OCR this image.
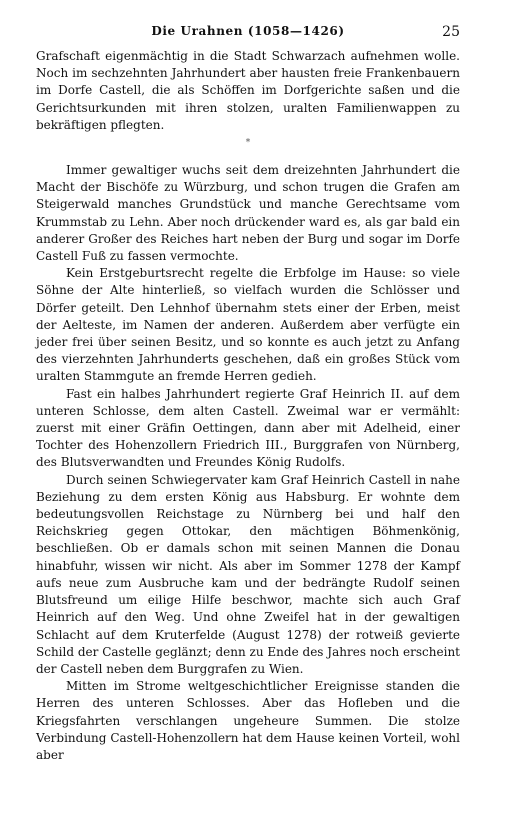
Die Urahnen (1058—1426)	25

Grafschaft eigenmächtig in die Stadt Schwarzach aufnehmen wolle. Noch im sechzehnten Jahrhundert aber hausten freie Frankenbauern im Dorfe Castell, die als Schöffen im Dorfgerichte saßen und die Gerichtsurkunden mit ihren stolzen, uralten Familienwappen zu bekräftigen pflegten.

*

Immer gewaltiger wuchs seit dem dreizehnten Jahrhundert die Macht der Bischöfe zu Würzburg, und schon trugen die Grafen am Steigerwald manches Grundstück und manche Gerechtsame vom Krummstab zu Lehn. Aber noch drückender ward es, als gar bald ein anderer Großer des Reiches hart neben der Burg und sogar im Dorfe Castell Fuß zu fassen vermochte.

Kein Erstgeburtsrecht regelte die Erbfolge im Hause: so viele Söhne der Alte hinterließ, so vielfach wurden die Schlösser und Dörfer geteilt. Den Lehnhof übernahm stets einer der Erben, meist der Aelteste, im Namen der anderen. Außerdem aber verfügte ein jeder frei über seinen Besitz, und so konnte es auch jetzt zu Anfang des vierzehnten Jahrhunderts geschehen, daß ein großes Stück vom uralten Stammgute an fremde Herren gedieh.

Fast ein halbes Jahrhundert regierte Graf Heinrich II. auf dem unteren Schlosse, dem alten Castell. Zweimal war er vermählt: zuerst mit einer Gräfin Oettingen, dann aber mit Adelheid, einer Tochter des Hohenzollern Friedrich III., Burggrafen von Nürnberg, des Blutsverwandten und Freundes König Rudolfs.

Durch seinen Schwiegervater kam Graf Heinrich Castell in nahe Beziehung zu dem ersten König aus Habsburg. Er wohnte dem bedeutungsvollen Reichstage zu Nürnberg bei und half den Reichskrieg gegen Ottokar, den mächtigen Böhmenkönig, beschließen. Ob er damals schon mit seinen Mannen die Donau hinabfuhr, wissen wir nicht. Als aber im Sommer 1278 der Kampf aufs neue zum Ausbruche kam und der bedrängte Rudolf seinen Blutsfreund um eilige Hilfe beschwor, machte sich auch Graf Heinrich auf den Weg. Und ohne Zweifel hat in der gewaltigen Schlacht auf dem Kruterfelde (August 1278) der rotweiß gevierte Schild der Castelle geglänzt; denn zu Ende des Jahres noch erscheint der Castell neben dem Burggrafen zu Wien.

Mitten im Strome weltgeschichtlicher Ereignisse standen die Herren des unteren Schlosses. Aber das Hofleben und die Kriegsfahrten verschlangen ungeheure Summen. Die stolze Verbindung Castell-Hohenzollern hat dem Hause keinen Vorteil, wohl aber
